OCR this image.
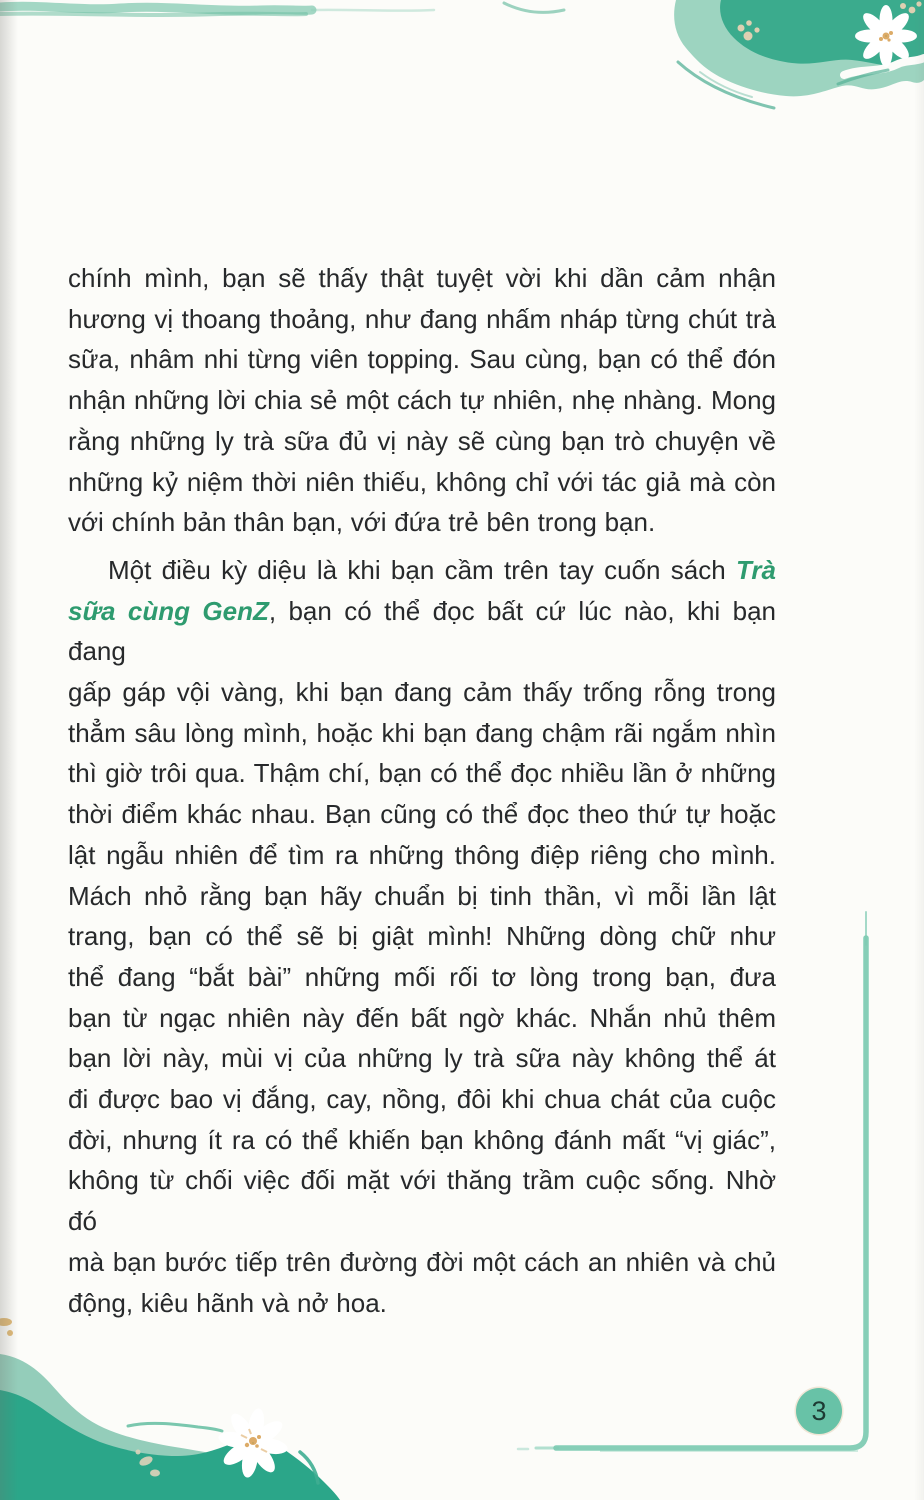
chính mình, bạn sẽ thấy thật tuyệt vời khi dần cảm nhận
hương vị thoang thoảng, như đang nhấm nháp từng chút trà
sữa, nhâm nhi từng viên topping. Sau cùng, bạn có thể đón
nhận những lời chia sẻ một cách tự nhiên, nhẹ nhàng. Mong
rằng những ly trà sữa đủ vị này sẽ cùng bạn trò chuyện về
những kỷ niệm thời niên thiếu, không chỉ với tác giả mà còn
với chính bản thân bạn, với đứa trẻ bên trong bạn.
Một điều kỳ diệu là khi bạn cầm trên tay cuốn sách Trà
sữa cùng GenZ, bạn có thể đọc bất cứ lúc nào, khi bạn đang
gấp gáp vội vàng, khi bạn đang cảm thấy trống rỗng trong
thẳm sâu lòng mình, hoặc khi bạn đang chậm rãi ngắm nhìn
thì giờ trôi qua. Thậm chí, bạn có thể đọc nhiều lần ở những
thời điểm khác nhau. Bạn cũng có thể đọc theo thứ tự hoặc
lật ngẫu nhiên để tìm ra những thông điệp riêng cho mình.
Mách nhỏ rằng bạn hãy chuẩn bị tinh thần, vì mỗi lần lật
trang, bạn có thể sẽ bị giật mình! Những dòng chữ như
thể đang “bắt bài” những mối rối tơ lòng trong bạn, đưa
bạn từ ngạc nhiên này đến bất ngờ khác. Nhắn nhủ thêm
bạn lời này, mùi vị của những ly trà sữa này không thể át
đi được bao vị đắng, cay, nồng, đôi khi chua chát của cuộc
đời, nhưng ít ra có thể khiến bạn không đánh mất “vị giác”,
không từ chối việc đối mặt với thăng trầm cuộc sống. Nhờ đó
mà bạn bước tiếp trên đường đời một cách an nhiên và chủ
động, kiêu hãnh và nở hoa.
3
